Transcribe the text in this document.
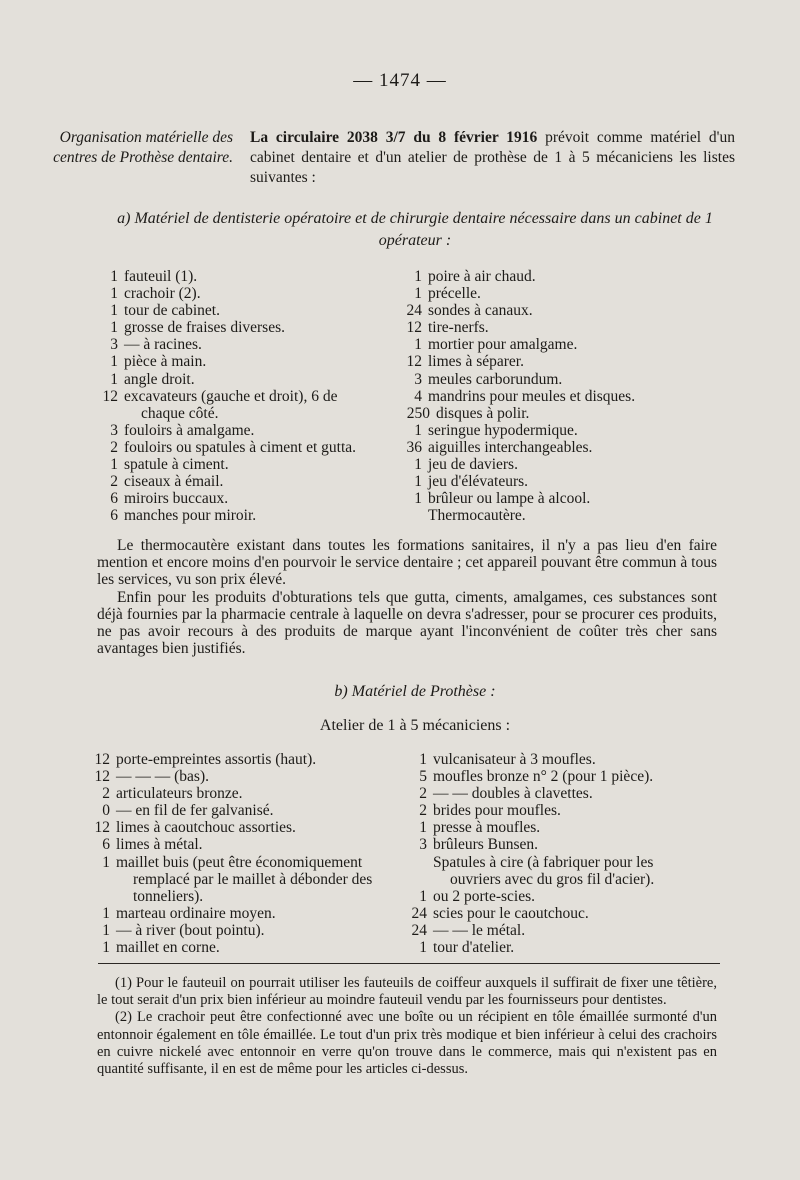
— 1474 —
Organisation matérielle des centres de Prothèse dentaire.
La circulaire 2038 3/7 du 8 février 1916 prévoit comme matériel d'un cabinet dentaire et d'un atelier de prothèse de 1 à 5 mécaniciens les listes suivantes :
a) Matériel de dentisterie opératoire et de chirurgie dentaire nécessaire dans un cabinet de 1 opérateur :
1 fauteuil (1).
1 crachoir (2).
1 tour de cabinet.
1 grosse de fraises diverses.
3 — à racines.
1 pièce à main.
1 angle droit.
12 excavateurs (gauche et droit), 6 de
chaque côté.
3 fouloirs à amalgame.
2 fouloirs ou spatules à ciment et gutta.
1 spatule à ciment.
2 ciseaux à émail.
6 miroirs buccaux.
6 manches pour miroir.
1 poire à air chaud.
1 précelle.
24 sondes à canaux.
12 tire-nerfs.
1 mortier pour amalgame.
12 limes à séparer.
3 meules carborundum.
4 mandrins pour meules et disques.
250 disques à polir.
1 seringue hypodermique.
36 aiguilles interchangeables.
1 jeu de daviers.
1 jeu d'élévateurs.
1 brûleur ou lampe à alcool.
Thermocautère.

Le thermocautère existant dans toutes les formations sanitaires, il n'y a pas lieu d'en faire mention et encore moins d'en pourvoir le service dentaire ; cet appareil pouvant être commun à tous les services, vu son prix élevé.

Enfin pour les produits d'obturations tels que gutta, ciments, amalgames, ces substances sont déjà fournies par la pharmacie centrale à laquelle on devra s'adresser, pour se procurer ces produits, ne pas avoir recours à des produits de marque ayant l'inconvénient de coûter très cher sans avantages bien justifiés.

b) Matériel de Prothèse :
Atelier de 1 à 5 mécaniciens :
12 porte-empreintes assortis (haut).
12 — — — (bas).
2 articulateurs bronze.
0 — en fil de fer galvanisé.
12 limes à caoutchouc assorties.
6 limes à métal.
1 maillet buis (peut être économiquement
remplacé par le maillet à débonder des tonneliers).
1 marteau ordinaire moyen.
1 — à river (bout pointu).
1 maillet en corne.
1 vulcanisateur à 3 moufles.
5 moufles bronze n° 2 (pour 1 pièce).
2 — — doubles à clavettes.
2 brides pour moufles.
1 presse à moufles.
3 brûleurs Bunsen.
Spatules à cire (à fabriquer pour les
ouvriers avec du gros fil d'acier).
1 ou 2 porte-scies.
24 scies pour le caoutchouc.
24 — — le métal.
1 tour d'atelier.

(1) Pour le fauteuil on pourrait utiliser les fauteuils de coiffeur auxquels il suffirait de fixer une têtière, le tout serait d'un prix bien inférieur au moindre fauteuil vendu par les fournisseurs pour dentistes.

(2) Le crachoir peut être confectionné avec une boîte ou un récipient en tôle émaillée surmonté d'un entonnoir également en tôle émaillée. Le tout d'un prix très modique et bien inférieur à celui des crachoirs en cuivre nickelé avec entonnoir en verre qu'on trouve dans le commerce, mais qui n'existent pas en quantité suffisante, il en est de même pour les articles ci-dessus.
